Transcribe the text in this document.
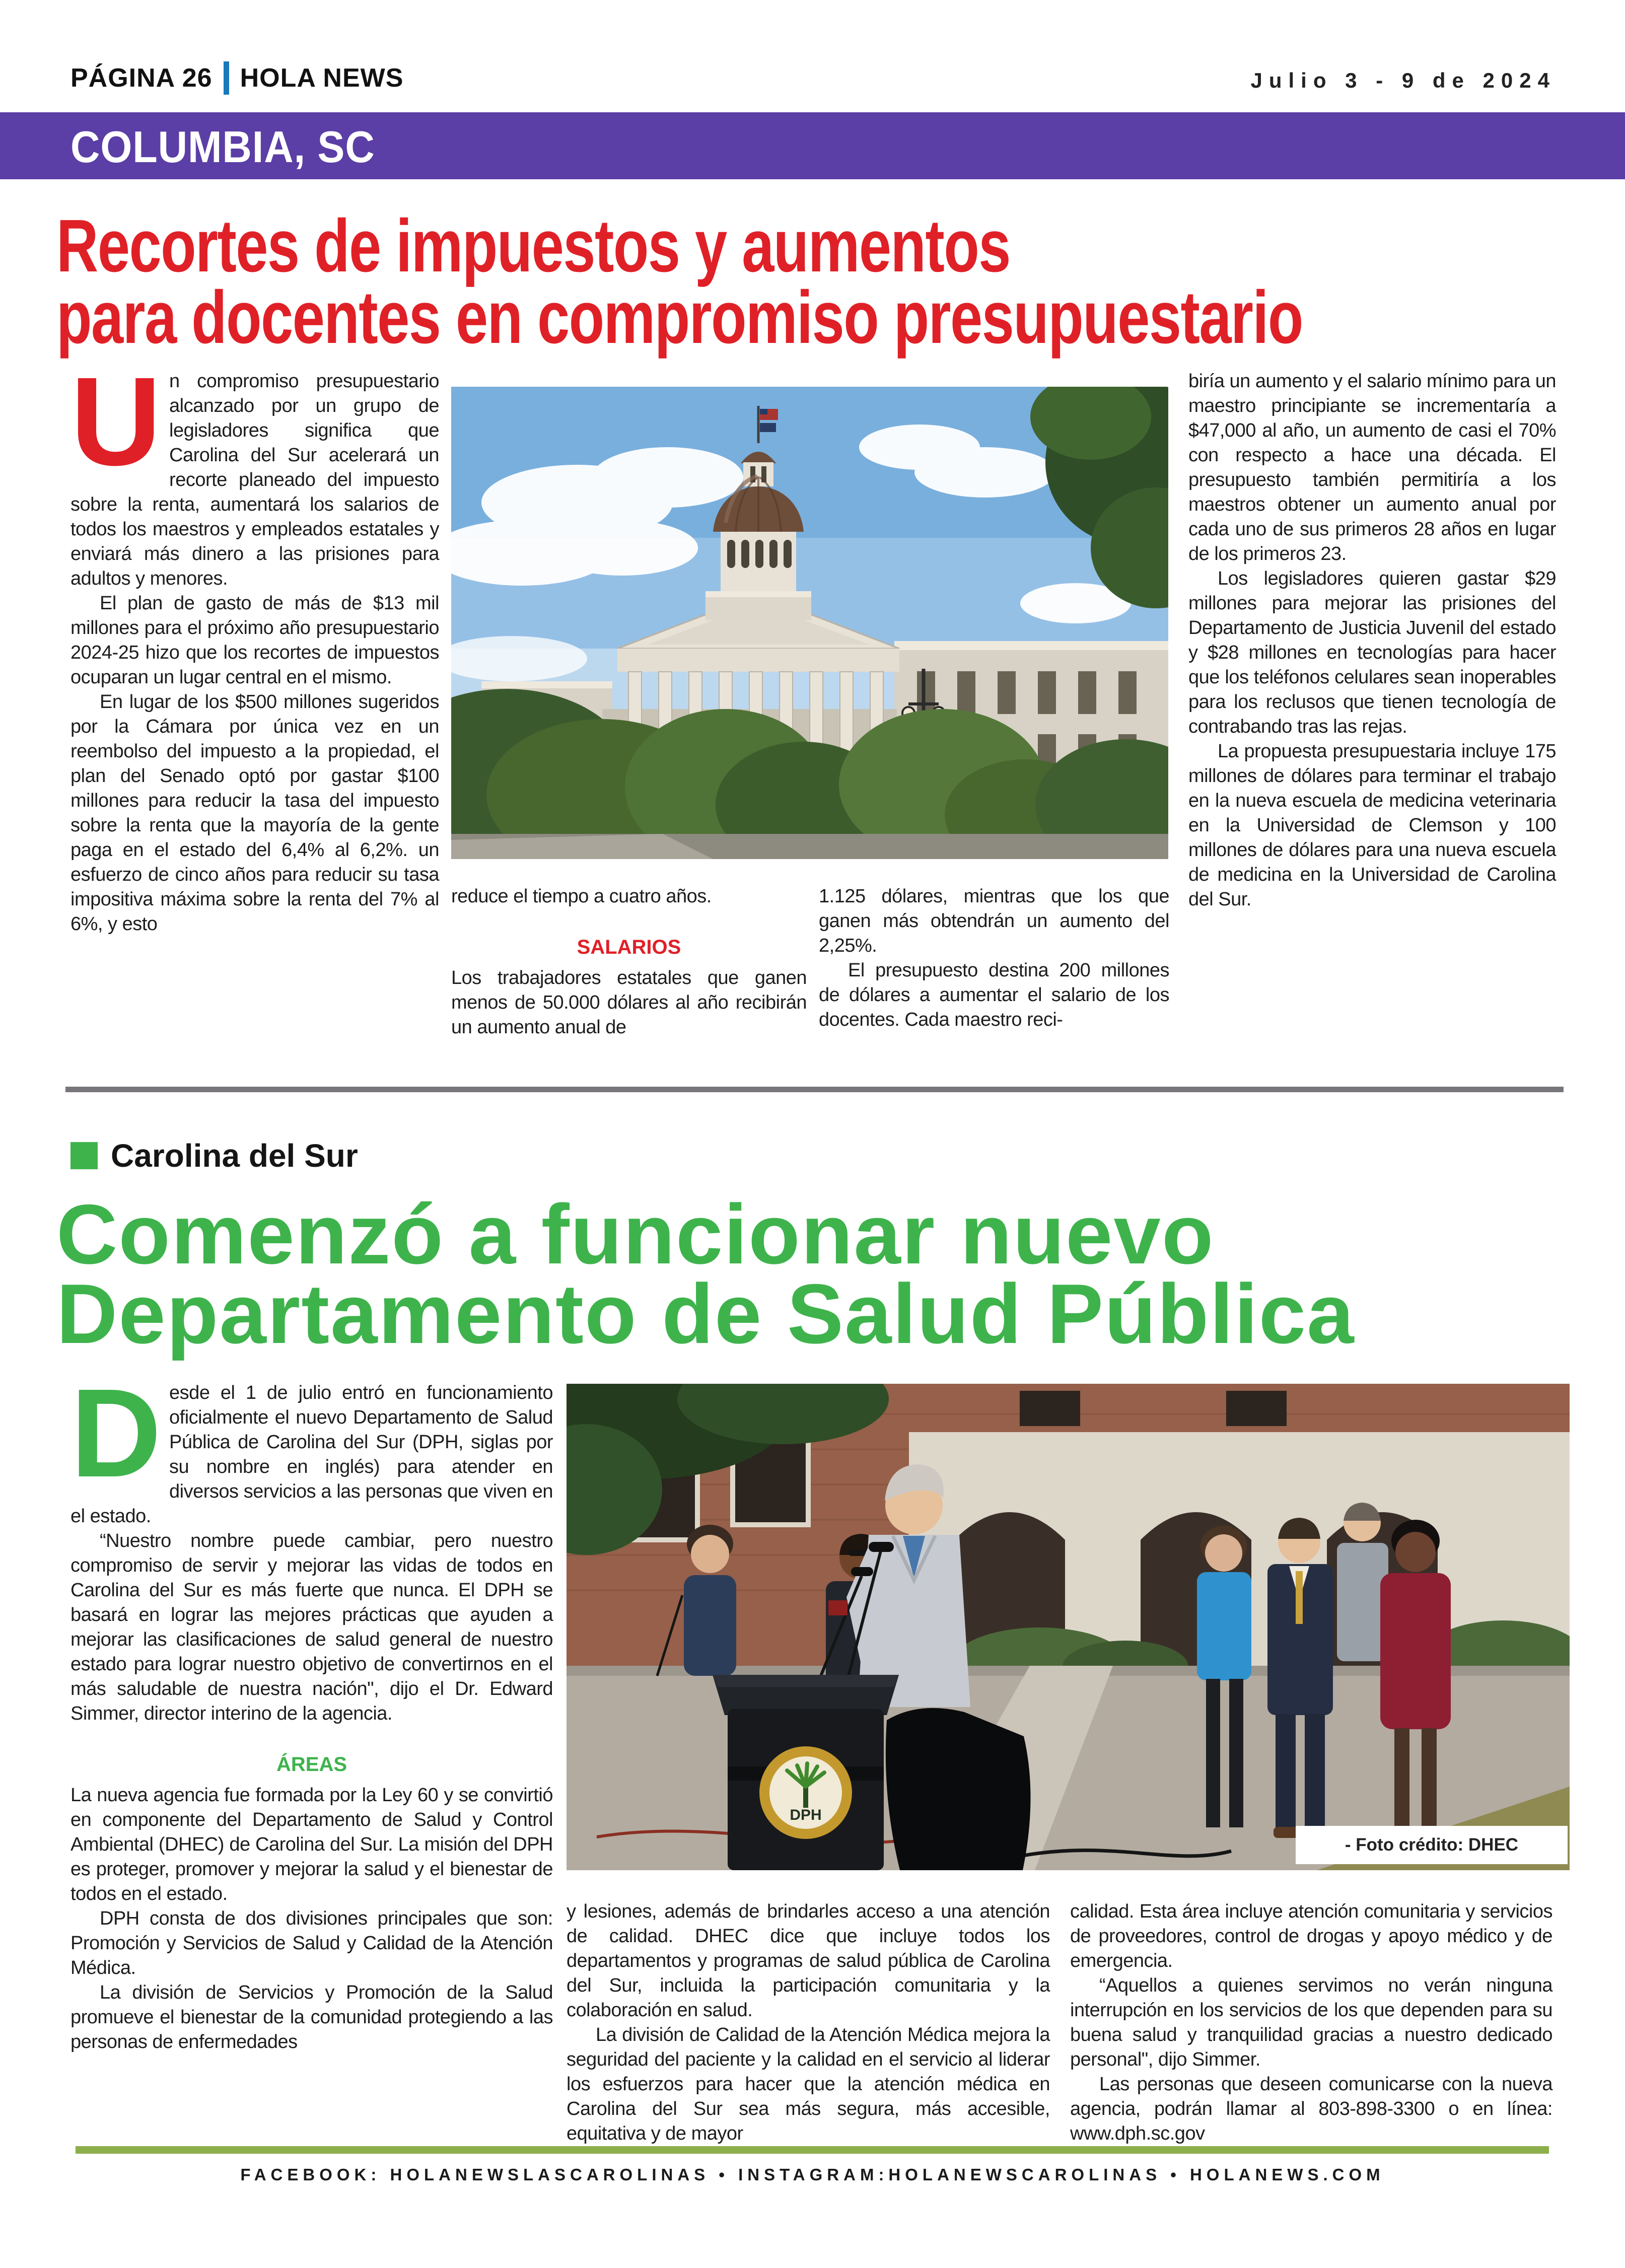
PÁGINA 26 HOLA NEWS	Julio 3 - 9 de 2024
COLUMBIA, SC
Recortes de impuestos y aumentos
para docentes en compromiso presupuestario

Un compromiso presupuestario alcanzado por un grupo de legisladores significa que Carolina del Sur acelerará un recorte planeado del impuesto sobre la renta, aumentará los salarios de todos los maestros y empleados estatales y enviará más dinero a las prisiones para adultos y menores.

El plan de gasto de más de $13 mil millones para el próximo año presupuestario 2024-25 hizo que los recortes de impuestos ocuparan un lugar central en el mismo.

En lugar de los $500 millones sugeridos por la Cámara por única vez en un reembolso del impuesto a la propiedad, el plan del Senado optó por gastar $100 millones para reducir la tasa del impuesto sobre la renta que la mayoría de la gente paga en el estado del 6,4% al 6,2%. un esfuerzo de cinco años para reducir su tasa impositiva máxima sobre la renta del 7% al 6%, y esto

reduce el tiempo a cuatro años.

SALARIOS

Los trabajadores estatales que ganen menos de 50.000 dólares al año recibirán un aumento anual de

1.125 dólares, mientras que los que ganen más obtendrán un aumento del 2,25%.

El presupuesto destina 200 millones de dólares a aumentar el salario de los docentes. Cada maestro reci-

biría un aumento y el salario mínimo para un maestro principiante se incrementaría a $47,000 al año, un aumento de casi el 70% con respecto a hace una década. El presupuesto también permitiría a los maestros obtener un aumento anual por cada uno de sus primeros 28 años en lugar de los primeros 23.

Los legisladores quieren gastar $29 millones para mejorar las prisiones del Departamento de Justicia Juvenil del estado y $28 millones en tecnologías para hacer que los teléfonos celulares sean inoperables para los reclusos que tienen tecnología de contrabando tras las rejas.

La propuesta presupuestaria incluye 175 millones de dólares para terminar el trabajo en la nueva escuela de medicina veterinaria en la Universidad de Clemson y 100 millones de dólares para una nueva escuela de medicina en la Universidad de Carolina del Sur.

Carolina del Sur
Comenzó a funcionar nuevo
Departamento de Salud Pública

Desde el 1 de julio entró en funcionamiento oficialmente el nuevo Departamento de Salud Pública de Carolina del Sur (DPH, siglas por su nombre en inglés) para atender en diversos servicios a las personas que viven en el estado.

“Nuestro nombre puede cambiar, pero nuestro compromiso de servir y mejorar las vidas de todos en Carolina del Sur es más fuerte que nunca. El DPH se basará en lograr las mejores prácticas que ayuden a mejorar las clasificaciones de salud general de nuestro estado para lograr nuestro objetivo de convertirnos en el más saludable de nuestra nación", dijo el Dr. Edward Simmer, director interino de la agencia.

ÁREAS

La nueva agencia fue formada por la Ley 60 y se convirtió en componente del Departamento de Salud y Control Ambiental (DHEC) de Carolina del Sur. La misión del DPH es proteger, promover y mejorar la salud y el bienestar de todos en el estado.

DPH consta de dos divisiones principales que son: Promoción y Servicios de Salud y Calidad de la Atención Médica.

La división de Servicios y Promoción de la Salud promueve el bienestar de la comunidad protegiendo a las personas de enfermedades

DPH
- Foto crédito: DHEC

y lesiones, además de brindarles acceso a una atención de calidad. DHEC dice que incluye todos los departamentos y programas de salud pública de Carolina del Sur, incluida la participación comunitaria y la colaboración en salud.

La división de Calidad de la Atención Médica mejora la seguridad del paciente y la calidad en el servicio al liderar los esfuerzos para hacer que la atención médica en Carolina del Sur sea más segura, más accesible, equitativa y de mayor

calidad. Esta área incluye atención comunitaria y servicios de proveedores, control de drogas y apoyo médico y de emergencia.

“Aquellos a quienes servimos no verán ninguna interrupción en los servicios de los que dependen para su buena salud y tranquilidad gracias a nuestro dedicado personal", dijo Simmer.

Las personas que deseen comunicarse con la nueva agencia, podrán llamar al 803-898-3300 o en línea: www.dph.sc.gov

FACEBOOK: HOLANEWSLASCAROLINAS • INSTAGRAM:HOLANEWSCAROLINAS • HOLANEWS.COM
